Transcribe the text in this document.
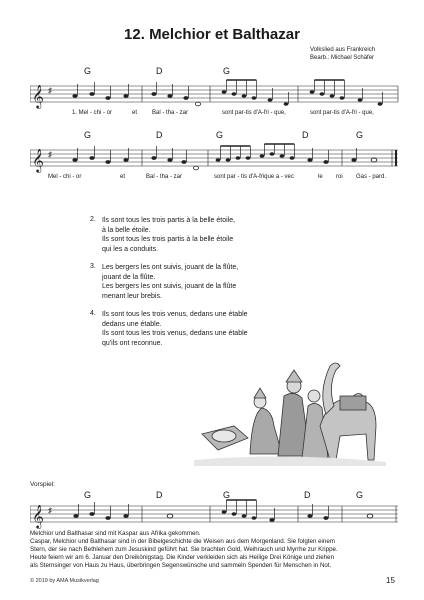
12. Melchior et Balthazar
Volkslied aus Frankreich
Bearb.: Michael Schäfer
G	D	G
𝄞 ♯
1. Mel - chi - or	et Bal - tha - zar	sont par-tis d'A-fri - que,	sont par-tis d'A-fri - que,
G	D	G	D	G
𝄞 ♯
Mel - chi - or	et	Bal - tha - zar	sont par - tis d'A-frique a - vec	le roi Gas - pard.
2. Ils sont tous les trois partis à la belle étoile,
à la belle étoile.
Ils sont tous les trois partis à la belle étoile
qui les a conduits.
3. Les bergers les ont suivis, jouant de la flûte,
jouant de la flûte.
Les bergers les ont suivis, jouant de la flûte
menant leur brebis.
4. Ils sont tous les trois venus, dedans une étable
dedans une étable.
Ils sont tous les trois venus, dedans une étable
qu'ils ont reconnue.
Vorspiel:
G	D	G	D	G
𝄞 ♯
Melchior und Balthasar sind mit Kaspar aus Afrika gekommen.
Caspar, Melchior und Balthasar sind in der Bibelgeschichte die Weisen aus dem Morgenland. Sie folgten einem
Stern, der sie nach Bethlehem zum Jesuskind geführt hat. Sie brachten Gold, Weihrauch und Myrrhe zur Krippe.
Heute feiern wir am 6. Januar den Dreikönigstag. Die Kinder verkleiden sich als Heilige Drei Könige und ziehen
als Sternsinger von Haus zu Haus, überbringen Segenswünsche und sammeln Spenden für Menschen in Not.
© 2019 by AMA Musikverlag	15
